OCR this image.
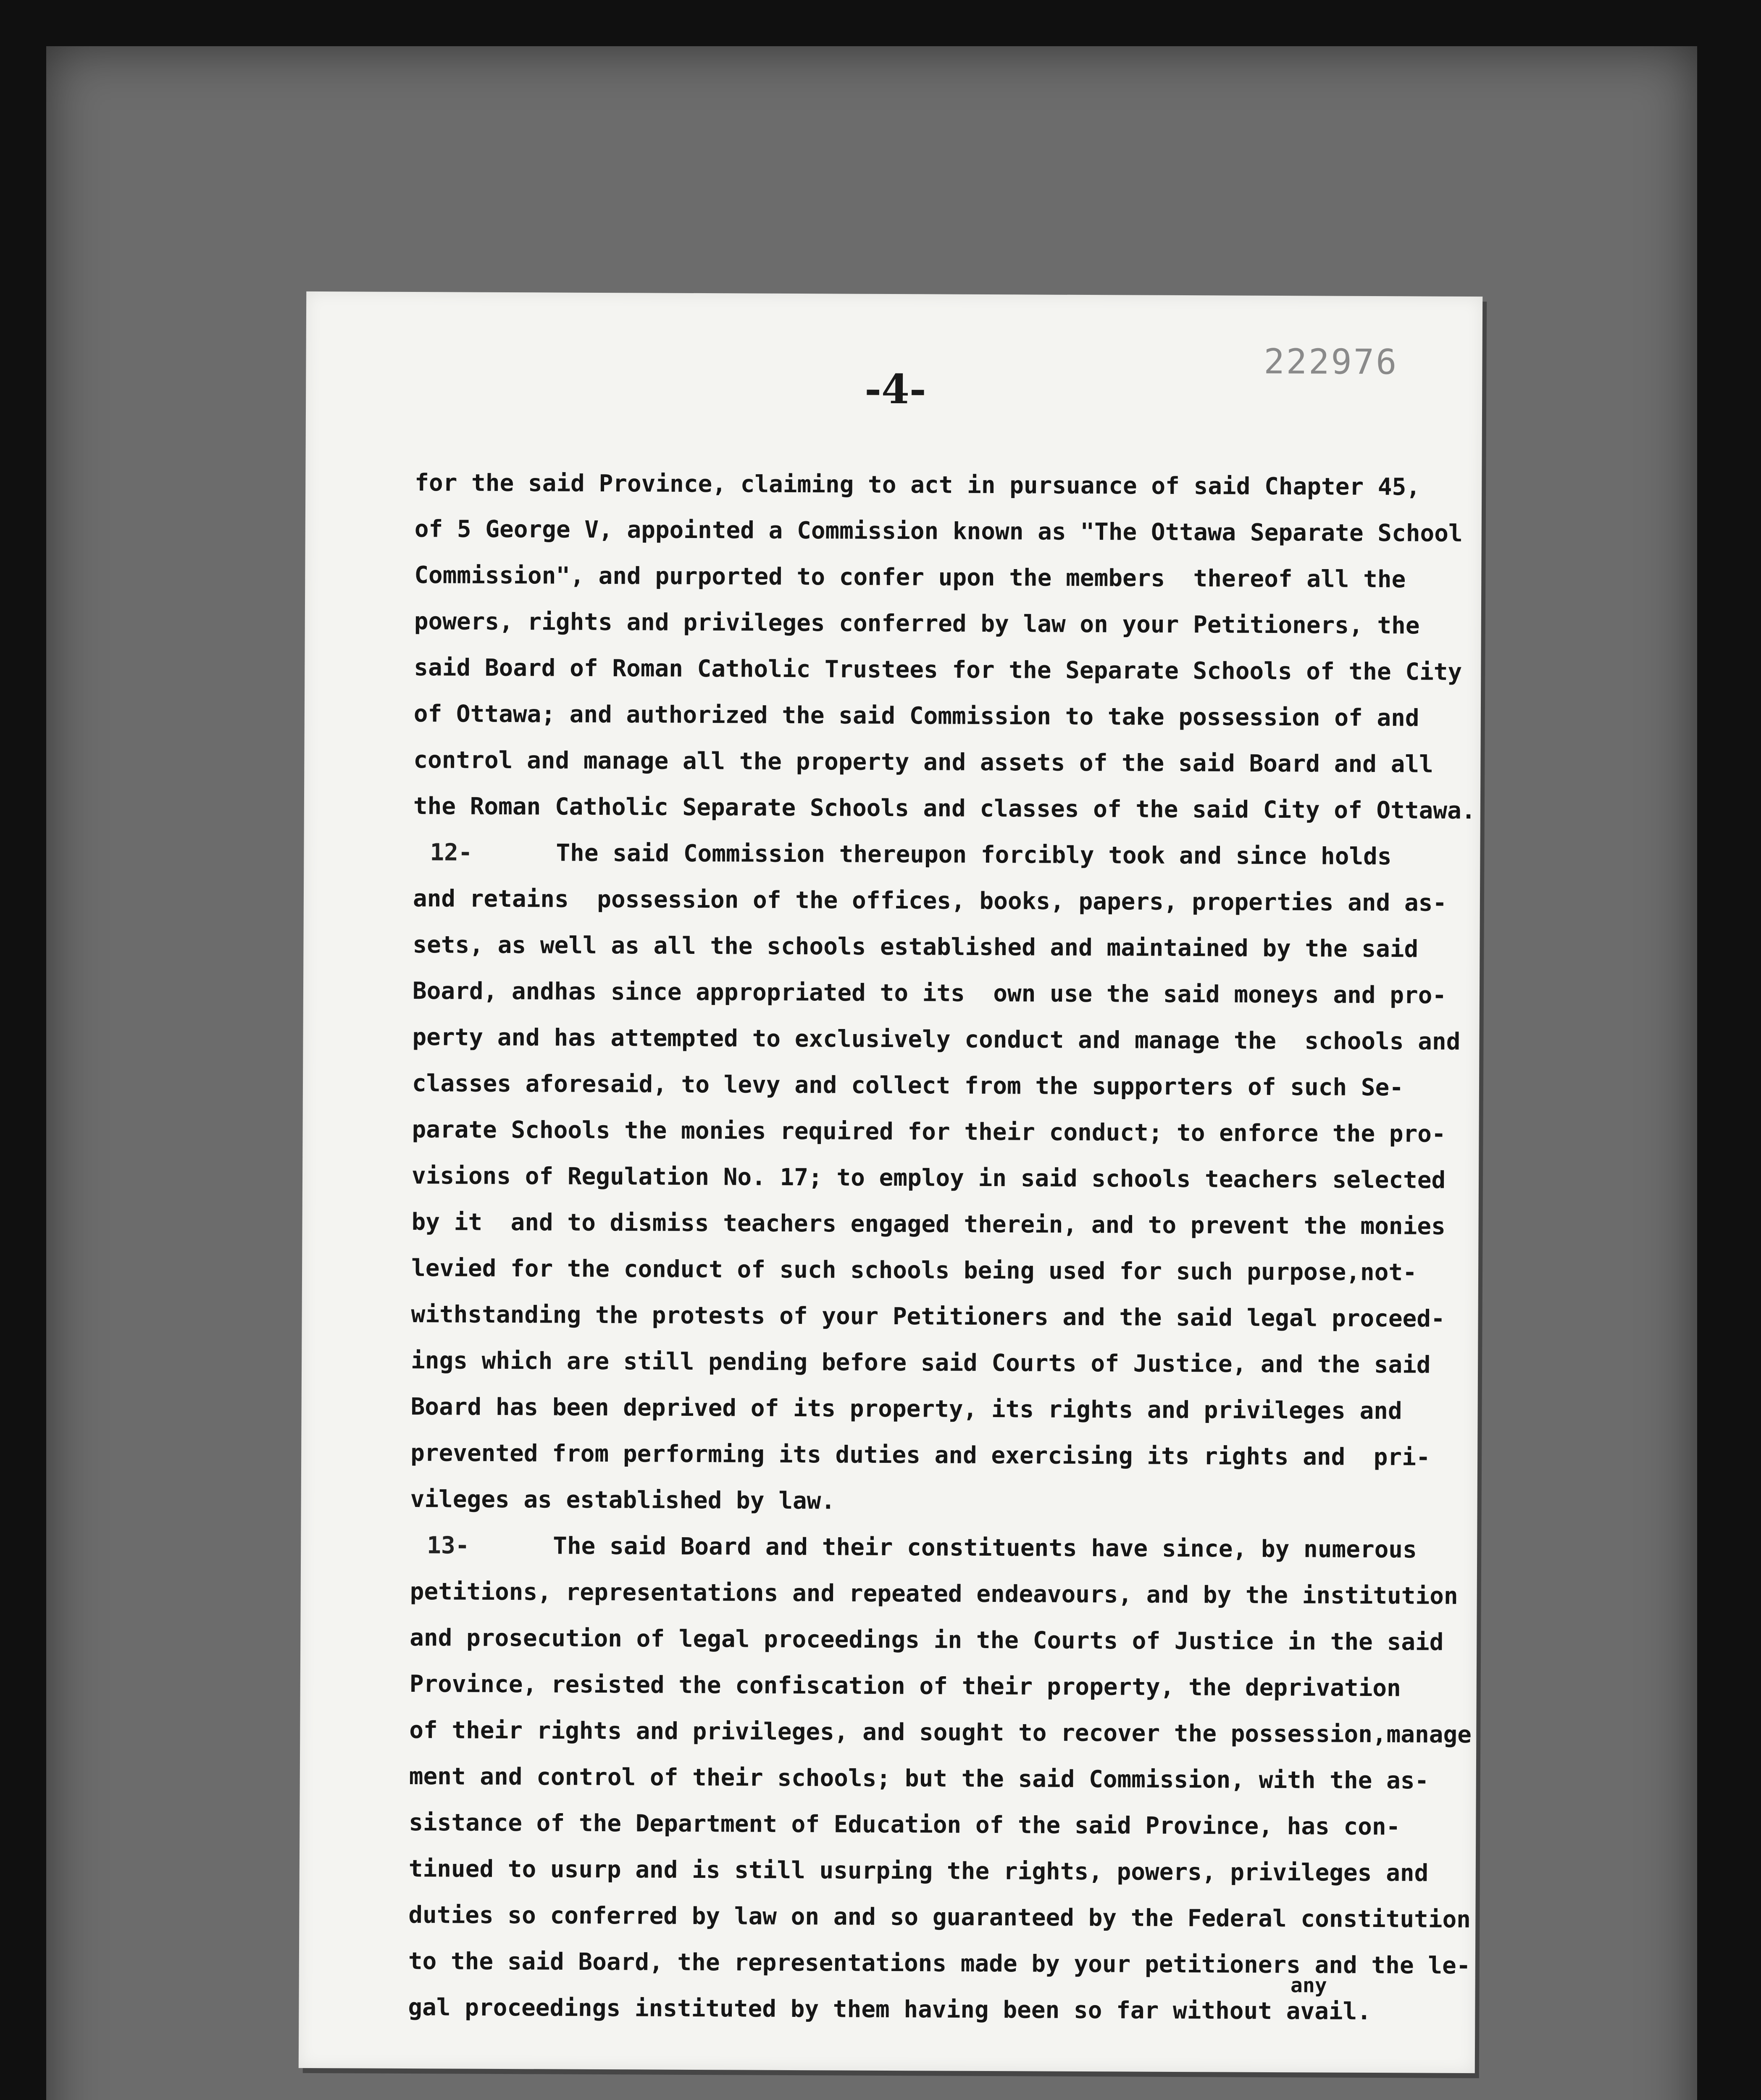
222976
-4-
for the said Province, claiming to act in pursuance of said Chapter 45,
of 5 George V, appointed a Commission known as "The Ottawa Separate School
Commission", and purported to confer upon the members  thereof all the
powers, rights and privileges conferred by law on your Petitioners, the
said Board of Roman Catholic Trustees for the Separate Schools of the City
of Ottawa; and authorized the said Commission to take possession of and
control and manage all the property and assets of the said Board and all
the Roman Catholic Separate Schools and classes of the said City of Ottawa.
12-	The said Commission thereupon forcibly took and since holds
and retains  possession of the offices, books, papers, properties and as-
sets, as well as all the schools established and maintained by the said
Board, andhas since appropriated to its  own use the said moneys and pro-
perty and has attempted to exclusively conduct and manage the  schools and
classes aforesaid, to levy and collect from the supporters of such Se-
parate Schools the monies required for their conduct; to enforce the pro-
visions of Regulation No. 17; to employ in said schools teachers selected
by it  and to dismiss teachers engaged therein, and to prevent the monies
levied for the conduct of such schools being used for such purpose,not-
withstanding the protests of your Petitioners and the said legal proceed-
ings which are still pending before said Courts of Justice, and the said
Board has been deprived of its property, its rights and privileges and
prevented from performing its duties and exercising its rights and  pri-
vileges as established by law.
13-	The said Board and their constituents have since, by numerous
petitions, representations and repeated endeavours, and by the institution
and prosecution of legal proceedings in the Courts of Justice in the said
Province, resisted the confiscation of their property, the deprivation
of their rights and privileges, and sought to recover the possession,manage
ment and control of their schools; but the said Commission, with the as-
sistance of the Department of Education of the said Province, has con-
tinued to usurp and is still usurping the rights, powers, privileges and
duties so conferred by law on and so guaranteed by the Federal constitution
to the said Board, the representations made by your petitioners and the le-
gal proceedings instituted by them having been so far without
any
avail.
